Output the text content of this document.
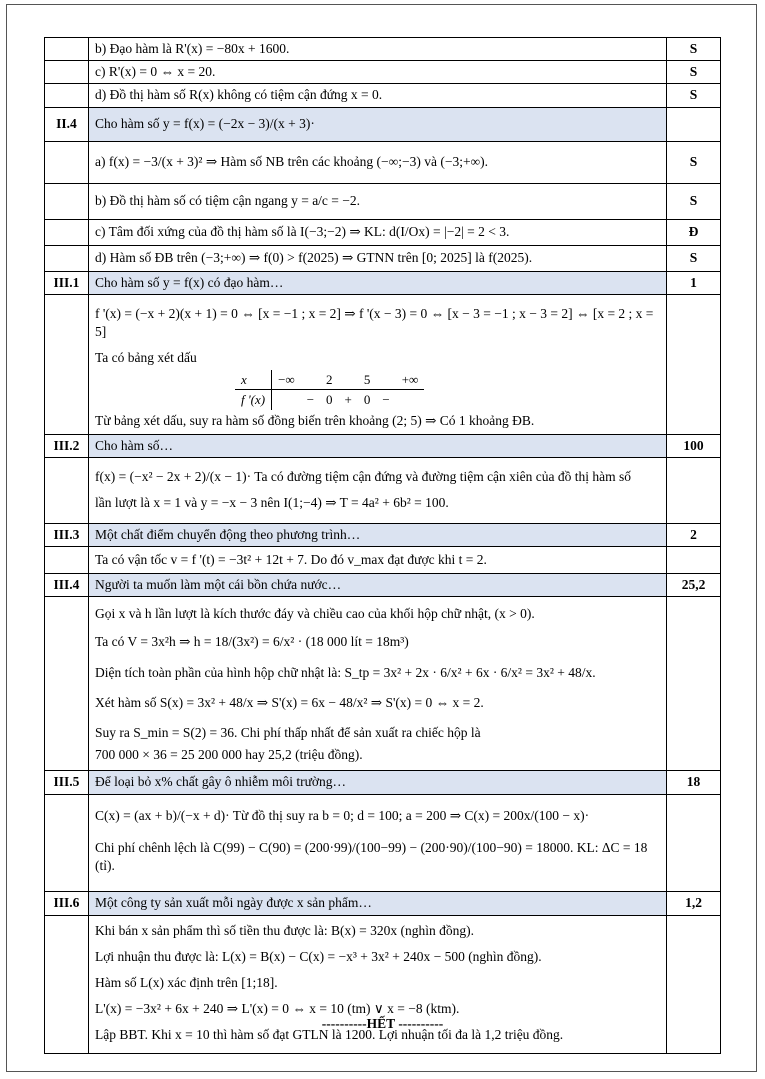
	b) Đạo hàm là R'(x) = −80x + 1600.	S
	c) R'(x) = 0 ⇔ x = 20.	S
	d) Đồ thị hàm số R(x) không có tiệm cận đứng x = 0.	S
II.4	Cho hàm số y = f(x) = (−2x − 3)/(x + 3)·	
	a) f(x) = −3/(x + 3)² ⇒ Hàm số NB trên các khoảng (−∞;−3) và (−3;+∞).	S
	b) Đồ thị hàm số có tiệm cận ngang y = a/c = −2.	S
	c) Tâm đối xứng của đồ thị hàm số là I(−3;−2) ⇒ KL: d(I/Ox) = |−2| = 2 < 3.	Đ
	d) Hàm số ĐB trên (−3;+∞) ⇒ f(0) > f(2025) ⇒ GTNN trên [0; 2025] là f(2025).	S
III.1	Cho hàm số y = f(x) có đạo hàm…	1

f '(x) = (−x + 2)(x + 1) = 0 ⇔ [x = −1 ; x = 2] ⇒ f '(x − 3) = 0 ⇔ [x − 3 = −1 ; x − 3 = 2] ⇔ [x = 2 ; x = 5]
Ta có bảng xét dấu
x	−∞		2		5		+∞
f '(x)		−	0	+	0	−	
Từ bảng xét dấu, suy ra hàm số đồng biến trên khoảng (2; 5) ⇒ Có 1 khoảng ĐB.

III.2	Cho hàm số…	100

f(x) = (−x² − 2x + 2)/(x − 1)· Ta có đường tiệm cận đứng và đường tiệm cận xiên của đồ thị hàm số
lần lượt là x = 1 và y = −x − 3 nên I(1;−4) ⇒ T = 4a² + 6b² = 100.

III.3	Một chất điểm chuyển động theo phương trình…	2

Ta có vận tốc v = f '(t) = −3t² + 12t + 7. Do đó v_max đạt được khi t = 2.

III.4	Người ta muốn làm một cái bồn chứa nước…	25,2

Gọi x và h lần lượt là kích thước đáy và chiều cao của khối hộp chữ nhật, (x > 0).
Ta có V = 3x²h ⇒ h = 18/(3x²) = 6/x² · (18 000 lít = 18m³)
Diện tích toàn phần của hình hộp chữ nhật là: S_tp = 3x² + 2x · 6/x² + 6x · 6/x² = 3x² + 48/x.
Xét hàm số S(x) = 3x² + 48/x ⇒ S'(x) = 6x − 48/x² ⇒ S'(x) = 0 ⇔ x = 2.
Suy ra S_min = S(2) = 36. Chi phí thấp nhất để sản xuất ra chiếc hộp là
700 000 × 36 = 25 200 000 hay 25,2 (triệu đồng).

III.5	Để loại bỏ x% chất gây ô nhiễm môi trường…	18

C(x) = (ax + b)/(−x + d)· Từ đồ thị suy ra b = 0; d = 100; a = 200 ⇒ C(x) = 200x/(100 − x)·
Chi phí chênh lệch là C(99) − C(90) = (200·99)/(100−99) − (200·90)/(100−90) = 18000. KL: ΔC = 18 (tỉ).

III.6	Một công ty sản xuất mỗi ngày được x sản phẩm…	1,2

Khi bán x sản phẩm thì số tiền thu được là: B(x) = 320x (nghìn đồng).
Lợi nhuận thu được là: L(x) = B(x) − C(x) = −x³ + 3x² + 240x − 500 (nghìn đồng).
Hàm số L(x) xác định trên [1;18].
L'(x) = −3x² + 6x + 240 ⇒ L'(x) = 0 ⇔ x = 10 (tm) ∨ x = −8 (ktm).
Lập BBT. Khi x = 10 thì hàm số đạt GTLN là 1200. Lợi nhuận tối đa là 1,2 triệu đồng.

----------HẾT ----------
